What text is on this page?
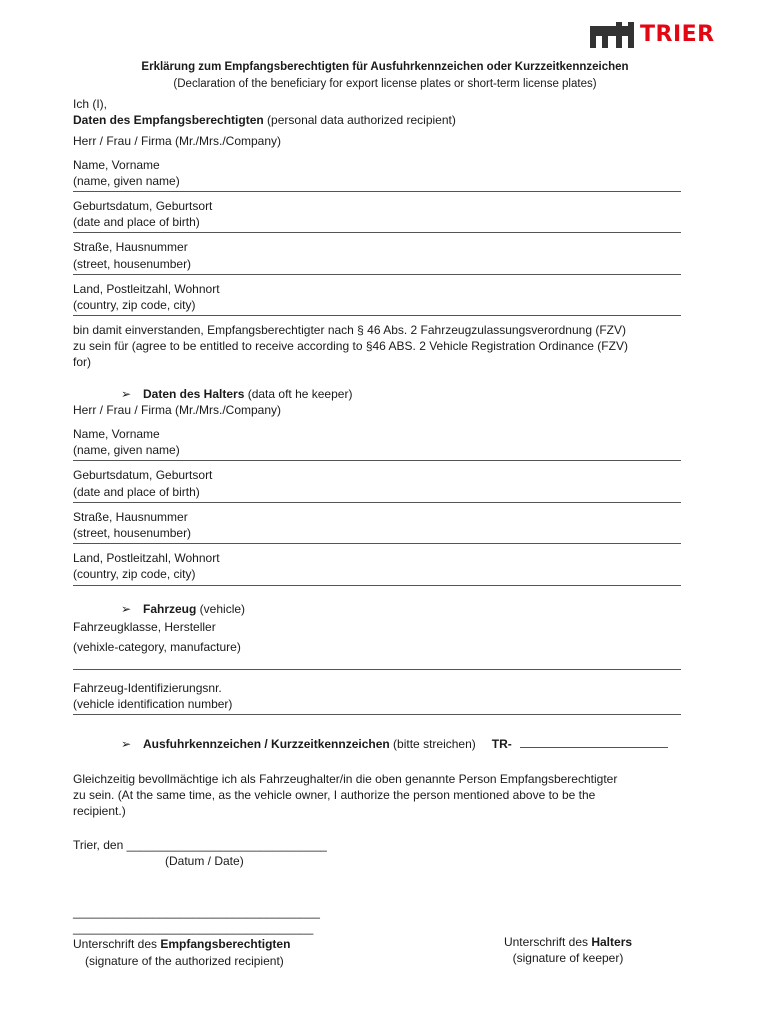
TRIER
Erklärung zum Empfangsberechtigten für Ausfuhrkennzeichen oder Kurzzeitkennzeichen
(Declaration of the beneficiary for export license plates or short-term license plates)
Ich (I),
Daten des Empfangsberechtigten (personal data authorized recipient)
Herr / Frau / Firma (Mr./Mrs./Company)
Name, Vorname
(name, given name)
Geburtsdatum, Geburtsort
(date and place of birth)
Straße, Hausnummer
(street, housenumber)
Land, Postleitzahl, Wohnort
(country, zip code, city)
bin damit einverstanden, Empfangsberechtigter nach § 46 Abs. 2 Fahrzeugzulassungsverordnung (FZV)
zu sein für (agree to be entitled to receive according to §46 ABS. 2 Vehicle Registration Ordinance (FZV)
for)
➢ Daten des Halters (data oft he keeper)
Herr / Frau / Firma (Mr./Mrs./Company)
Name, Vorname
(name, given name)
Geburtsdatum, Geburtsort
(date and place of birth)
Straße, Hausnummer
(street, housenumber)
Land, Postleitzahl, Wohnort
(country, zip code, city)
➢ Fahrzeug (vehicle)
Fahrzeugklasse, Hersteller
(vehixle-category, manufacture)
Fahrzeug-Identifizierungsnr.
(vehicle identification number)
➢ Ausfuhrkennzeichen / Kurzzeitkennzeichen (bitte streichen) TR-
Gleichzeitig bevollmächtige ich als Fahrzeughalter/in die oben genannte Person Empfangsberechtigter
zu sein. (At the same time, as the vehicle owner, I authorize the person mentioned above to be the
recipient.)
Trier, den ______________________________
(Datum / Date)
_____________________________________
____________________________________
Unterschrift des Empfangsberechtigten
(signature of the authorized recipient)
Unterschrift des Halters
(signature of keeper)
